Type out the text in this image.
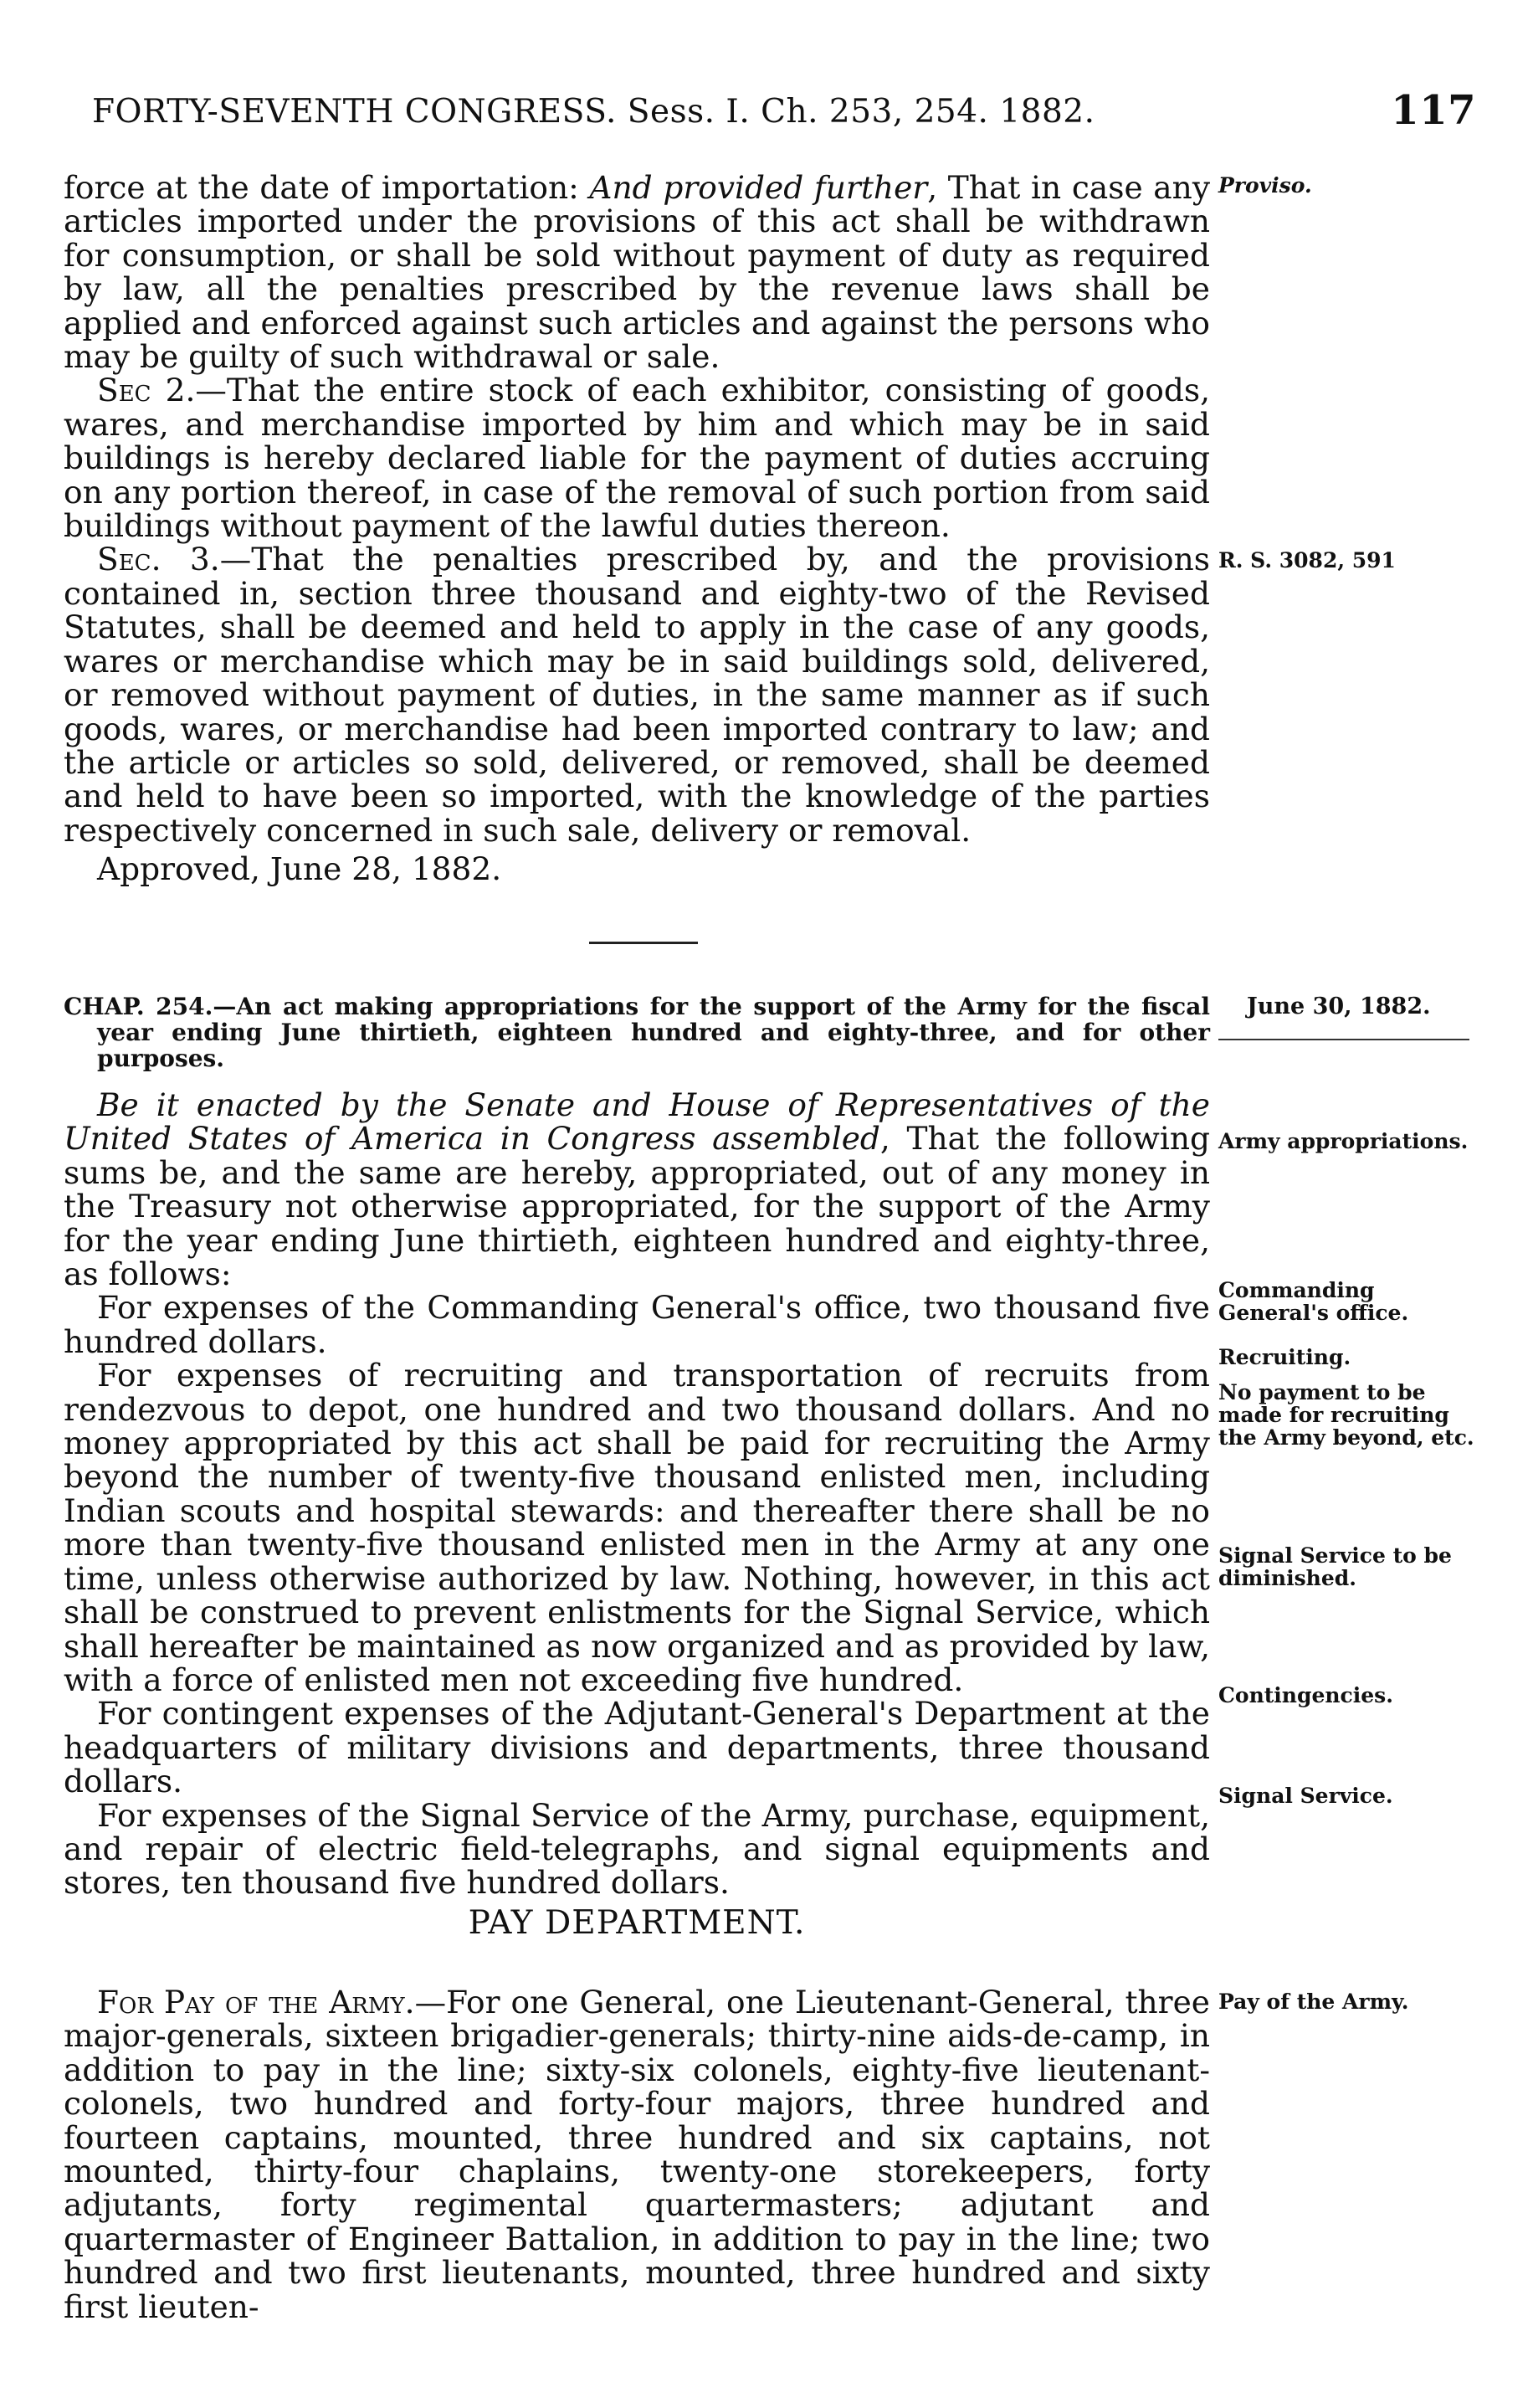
FORTY-SEVENTH CONGRESS. Sess. I. Ch. 253, 254. 1882.	117

force at the date of importation: And provided further, That in case any articles imported under the provisions of this act shall be withdrawn for consumption, or shall be sold without payment of duty as required by law, all the penalties prescribed by the revenue laws shall be applied and enforced against such articles and against the persons who may be guilty of such withdrawal or sale.

Sec 2.—That the entire stock of each exhibitor, consisting of goods, wares, and merchandise imported by him and which may be in said buildings is hereby declared liable for the payment of duties accruing on any portion thereof, in case of the removal of such portion from said buildings without payment of the lawful duties thereon.

Sec. 3.—That the penalties prescribed by, and the provisions contained in, section three thousand and eighty-two of the Revised Statutes, shall be deemed and held to apply in the case of any goods, wares or merchandise which may be in said buildings sold, delivered, or removed without payment of duties, in the same manner as if such goods, wares, or merchandise had been imported contrary to law; and the article or articles so sold, delivered, or removed, shall be deemed and held to have been so imported, with the knowledge of the parties respectively concerned in such sale, delivery or removal.

Approved, June 28, 1882.

Proviso.
R. S. 3082, 591
CHAP. 254.—An act making appropriations for the support of the Army for the fiscal year ending June thirtieth, eighteen hundred and eighty-three, and for other purposes.
June 30, 1882.

Be it enacted by the Senate and House of Representatives of the United States of America in Congress assembled, That the following sums be, and the same are hereby, appropriated, out of any money in the Treasury not otherwise appropriated, for the support of the Army for the year ending June thirtieth, eighteen hundred and eighty-three, as follows:

For expenses of the Commanding General's office, two thousand five hundred dollars.

For expenses of recruiting and transportation of recruits from rendezvous to depot, one hundred and two thousand dollars. And no money appropriated by this act shall be paid for recruiting the Army beyond the number of twenty-five thousand enlisted men, including Indian scouts and hospital stewards: and thereafter there shall be no more than twenty-five thousand enlisted men in the Army at any one time, unless otherwise authorized by law. Nothing, however, in this act shall be construed to prevent enlistments for the Signal Service, which shall hereafter be maintained as now organized and as provided by law, with a force of enlisted men not exceeding five hundred.

For contingent expenses of the Adjutant-General's Department at the headquarters of military divisions and departments, three thousand dollars.

For expenses of the Signal Service of the Army, purchase, equipment, and repair of electric field-telegraphs, and signal equipments and stores, ten thousand five hundred dollars.

Army appropriations.
Commanding General's office.
Recruiting.
No payment to be made for recruiting the Army beyond, etc.
Signal Service to be diminished.
Contingencies.
Signal Service.
PAY DEPARTMENT.

For Pay of the Army.—For one General, one Lieutenant-General, three major-generals, sixteen brigadier-generals; thirty-nine aids-de-camp, in addition to pay in the line; sixty-six colonels, eighty-five lieutenant-colonels, two hundred and forty-four majors, three hundred and fourteen captains, mounted, three hundred and six captains, not mounted, thirty-four chaplains, twenty-one storekeepers, forty adjutants, forty regimental quartermasters; adjutant and quartermaster of Engineer Battalion, in addition to pay in the line; two hundred and two first lieutenants, mounted, three hundred and sixty first lieuten-

Pay of the Army.
